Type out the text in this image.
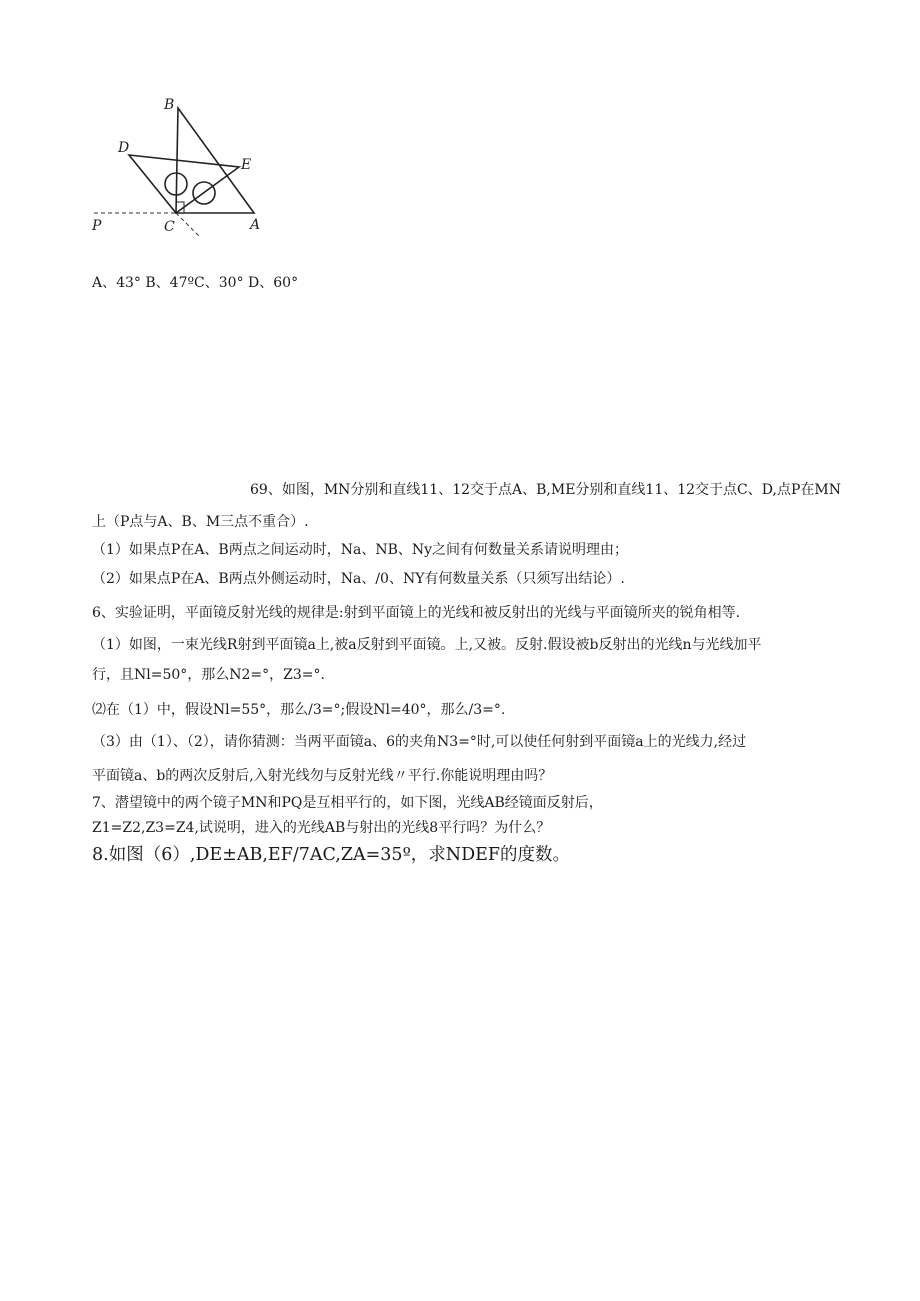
B
D
E
P	C	A
A、43° B、47ºC、30° D、60°
69、如图，MN分别和直线11、12交于点A、B,ME分别和直线11、12交于点C、D,点P在MN
上（P点与A、B、M三点不重合）.
（1）如果点P在A、B两点之间运动时，Na、NB、Ny之间有何数量关系请说明理由；
（2）如果点P在A、B两点外侧运动时，Na、/0、NY有何数量关系（只须写出结论）.
6、实验证明，平面镜反射光线的规律是:射到平面镜上的光线和被反射出的光线与平面镜所夹的锐角相等.
（1）如图，一束光线R射到平面镜a上,被a反射到平面镜。上,又被。反射.假设被b反射出的光线n与光线加平
行，且Nl=50°，那么N2=°，Z3=°.
⑵在（1）中，假设Nl=55°，那么/3=°;假设Nl=40°，那么/3=°.
（3）由（1）、（2），请你猜测：当两平面镜a、6的夹角N3=°时,可以使任何射到平面镜a上的光线力,经过
平面镜a、b的两次反射后,入射光线勿与反射光线〃平行.你能说明理由吗？
7、潜望镜中的两个镜子MN和PQ是互相平行的，如下图，光线AB经镜面反射后，
Z1=Z2,Z3=Z4,试说明，进入的光线AB与射出的光线8平行吗？为什么？
8.如图（6）,DE±AB,EF/7AC,ZA=35º，求NDEF的度数。
